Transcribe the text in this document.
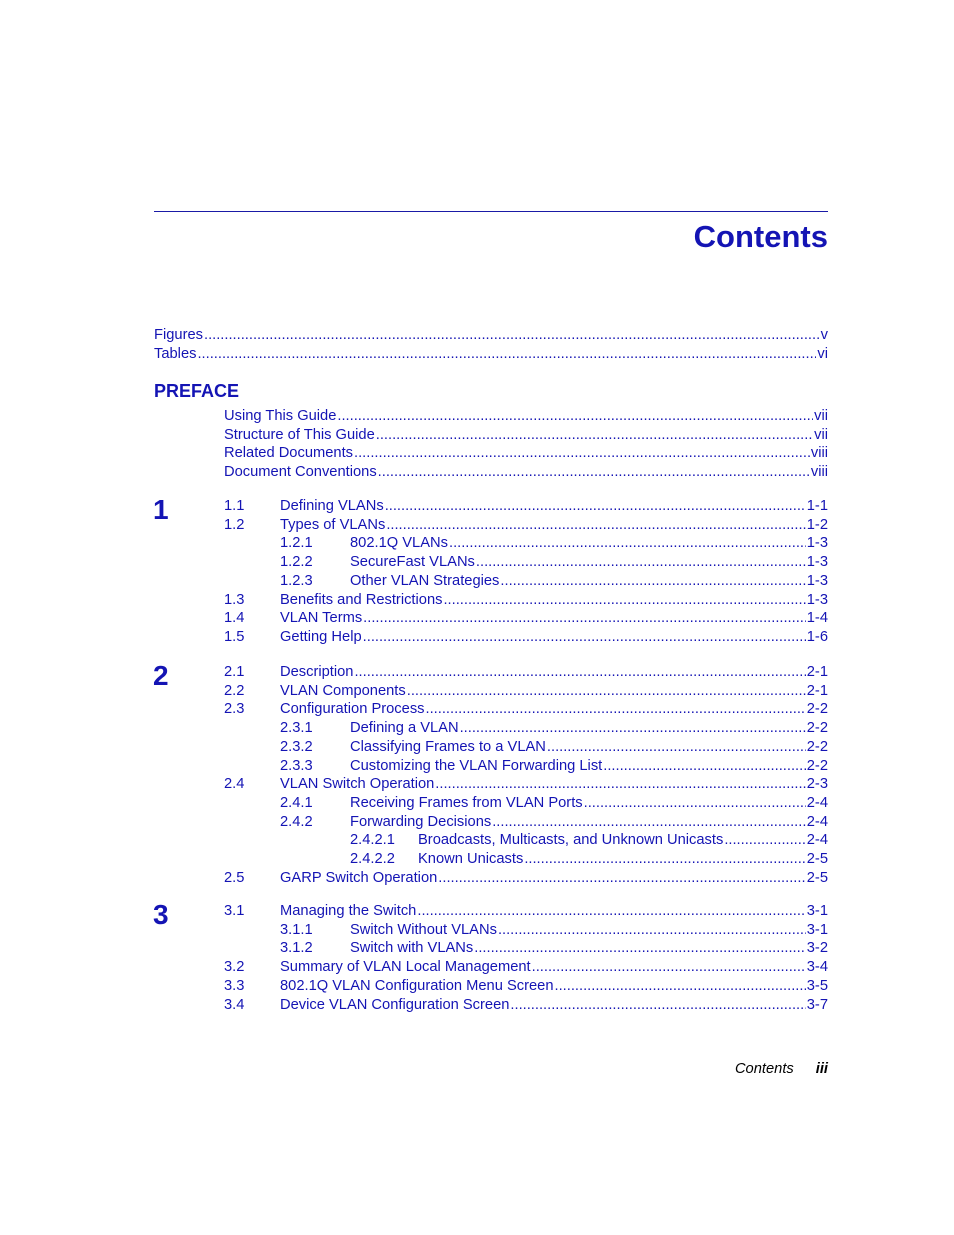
Contents
PREFACE
Figures .....	v
Tables .....	vi
Using This Guide .....	vii
Structure of This Guide .....	vii
Related Documents .....	viii
Document Conventions .....	viii
1	1.1	Defining VLANs .....	1-1
1.2	Types of VLANs .....	1-2
1.2.1	802.1Q VLANs .....	1-3
1.2.2	SecureFast VLANs .....	1-3
1.2.3	Other VLAN Strategies .....	1-3
1.3	Benefits and Restrictions .....	1-3
1.4	VLAN Terms .....	1-4
1.5	Getting Help .....	1-6
2	2.1	Description .....	2-1
2.2	VLAN Components .....	2-1
2.3	Configuration Process .....	2-2
2.3.1	Defining a VLAN .....	2-2
2.3.2	Classifying Frames to a VLAN .....	2-2
2.3.3	Customizing the VLAN Forwarding List .....	2-2
2.4	VLAN Switch Operation .....	2-3
2.4.1	Receiving Frames from VLAN Ports .....	2-4
2.4.2	Forwarding Decisions .....	2-4
2.4.2.1	Broadcasts, Multicasts, and Unknown Unicasts .....	2-4
2.4.2.2	Known Unicasts .....	2-5
2.5	GARP Switch Operation .....	2-5
3	3.1	Managing the Switch .....	3-1
3.1.1	Switch Without VLANs .....	3-1
3.1.2	Switch with VLANs .....	3-2
3.2	Summary of VLAN Local Management .....	3-4
3.3	802.1Q VLAN Configuration Menu Screen .....	3-5
3.4	Device VLAN Configuration Screen .....	3-7
Contents iii
